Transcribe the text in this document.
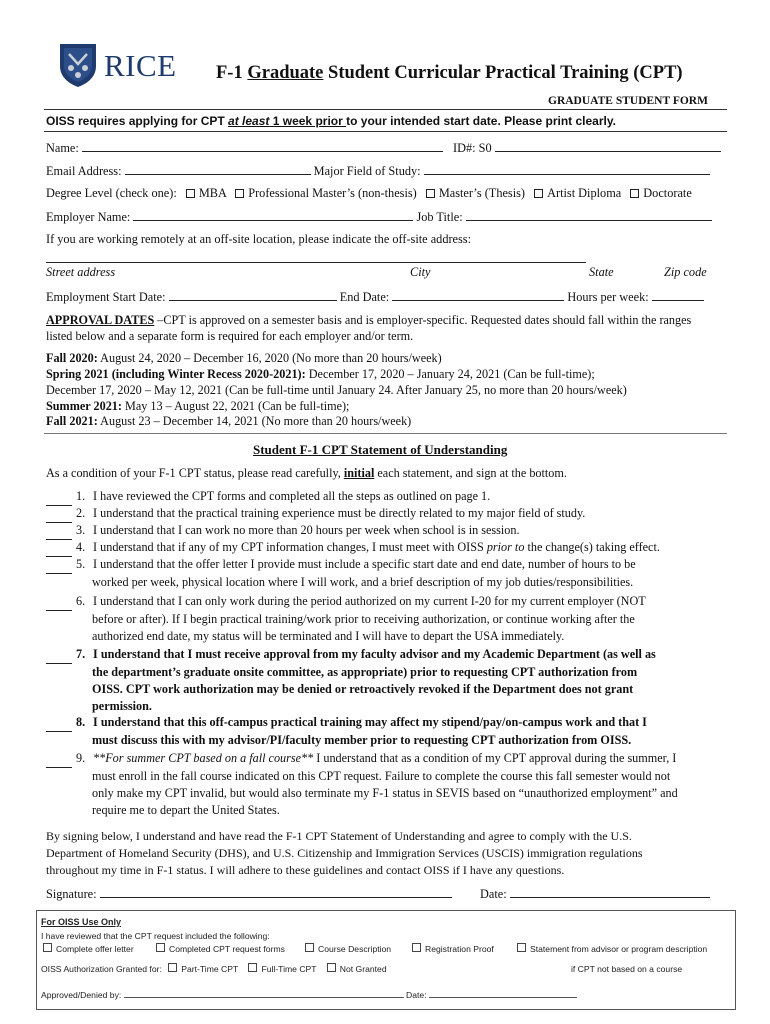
RICE F-1 Graduate Student Curricular Practical Training (CPT)
GRADUATE STUDENT FORM
OISS requires applying for CPT at least 1 week prior to your intended start date. Please print clearly.
Name:	ID#: S0
Email Address:	Major Field of Study:
Degree Level (check one): MBA Professional Master’s (non-thesis) Master’s (Thesis) Artist Diploma Doctorate
Employer Name:	Job Title:
If you are working remotely at an off-site location, please indicate the off-site address:
Street address	City	State	Zip code
Employment Start Date:	End Date:	Hours per week:
APPROVAL DATES –CPT is approved on a semester basis and is employer-specific. Requested dates should fall within the ranges
listed below and a separate form is required for each employer and/or term.
Fall 2020: August 24, 2020 – December 16, 2020 (No more than 20 hours/week)
Spring 2021 (including Winter Recess 2020-2021): December 17, 2020 – January 24, 2021 (Can be full-time);
December 17, 2020 – May 12, 2021 (Can be full-time until January 24. After January 25, no more than 20 hours/week)
Summer 2021: May 13 – August 22, 2021 (Can be full-time);
Fall 2021: August 23 – December 14, 2021 (No more than 20 hours/week)
Student F-1 CPT Statement of Understanding
As a condition of your F-1 CPT status, please read carefully, initial each statement, and sign at the bottom.
1. I have reviewed the CPT forms and completed all the steps as outlined on page 1.
2. I understand that the practical training experience must be directly related to my major field of study.
3. I understand that I can work no more than 20 hours per week when school is in session.
4. I understand that if any of my CPT information changes, I must meet with OISS prior to the change(s) taking effect.
5. I understand that the offer letter I provide must include a specific start date and end date, number of hours to be
worked per week, physical location where I will work, and a brief description of my job duties/responsibilities.
6. I understand that I can only work during the period authorized on my current I-20 for my current employer (NOT
before or after). If I begin practical training/work prior to receiving authorization, or continue working after the
authorized end date, my status will be terminated and I will have to depart the USA immediately.
7. I understand that I must receive approval from my faculty advisor and my Academic Department (as well as
the department’s graduate onsite committee, as appropriate) prior to requesting CPT authorization from
OISS. CPT work authorization may be denied or retroactively revoked if the Department does not grant
permission.
8. I understand that this off-campus practical training may affect my stipend/pay/on-campus work and that I
must discuss this with my advisor/PI/faculty member prior to requesting CPT authorization from OISS.
9. **For summer CPT based on a fall course** I understand that as a condition of my CPT approval during the summer, I
must enroll in the fall course indicated on this CPT request. Failure to complete the course this fall semester would not
only make my CPT invalid, but would also terminate my F-1 status in SEVIS based on “unauthorized employment” and
require me to depart the United States.
By signing below, I understand and have read the F-1 CPT Statement of Understanding and agree to comply with the U.S.
Department of Homeland Security (DHS), and U.S. Citizenship and Immigration Services (USCIS) immigration regulations
throughout my time in F-1 status. I will adhere to these guidelines and contact OISS if I have any questions.
Signature:	Date:
For OISS Use Only
I have reviewed that the CPT request included the following:
Complete offer letter	Completed CPT request forms	Course Description	Registration Proof	Statement from advisor or program description
OISS Authorization Granted for: Part-Time CPT	Full-Time CPT	Not Granted	if CPT not based on a course
Approved/Denied by:	Date:
